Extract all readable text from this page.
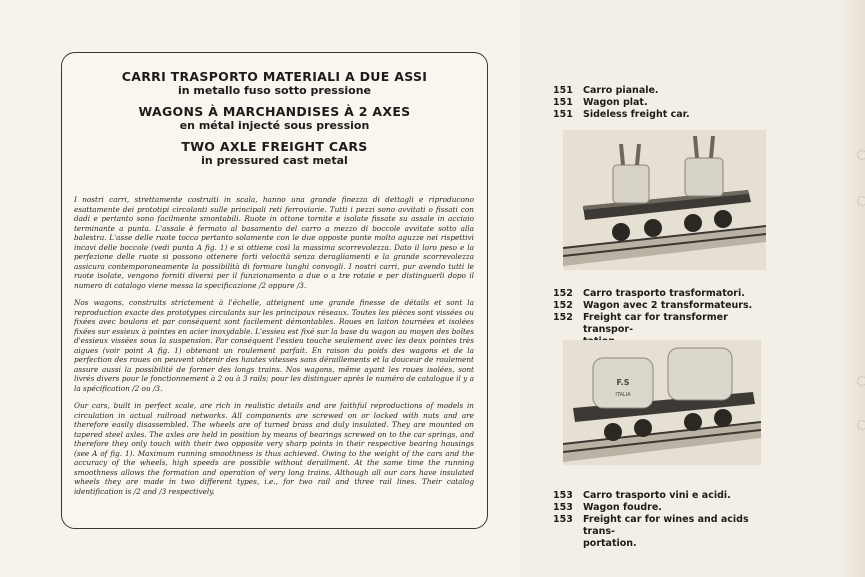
CARRI TRASPORTO MATERIALI A DUE ASSI

in metallo fuso sotto pressione

WAGONS À MARCHANDISES À 2 AXES

en métal injecté sous pression

TWO AXLE FREIGHT CARS

in pressured cast metal

I nostri carri, strettamente costruiti in scala, hanno una grande finezza di dettagli e riproducono esattamente dei prototipi circolanti sulle principali reti ferroviarie. Tutti i pezzi sono avvitati o fissati con dadi e pertanto sono facilmente smontabili. Ruote in ottone tornite e isolate fissate su assale in acciaio terminante a punta. L'assale è fermato al basamento del carro a mezzo di boccole avvitate sotto alla balestra. L'asse delle ruote tocca pertanto solamente con le due opposte punte molto aguzze nei rispettivi incavi delle boccole (vedi punta A fig. 1) e si ottiene così la massima scorrevolezza. Dato il loro peso e la perfezione delle ruote si possono ottenere forti velocità senza deragliamenti e la grande scorrevolezza assicura contemporaneamente la possibilità di formare lunghi convogli. I nostri carri, pur avendo tutti le ruote isolate, vengono forniti diversi per il funzionamento a due o a tre rotaie e per distinguerli dopo il numero di catalogo viene messa la specificazione /2 oppure /3.

Nos wagons, construits strictement à l'échelle, atteignent une grande finesse de détails et sont la reproduction exacte des prototypes circulants sur les principaux réseaux. Toutes les pièces sont vissées ou fixées avec boulons et par conséquent sont facilement démontables. Roues en laiton tournées et isolées fixées sur essieux à pointes en acier inoxydable. L'essieu est fixé sur la base du wagon au moyen des boîtes d'essieux vissées sous la suspension. Par conséquent l'essieu touche seulement avec les deux pointes très aigues (voir point A fig. 1) obtenant un roulement parfait. En raison du poids des wagons et de la perfection des roues on peuvent obtenir des hautes vitesses sans déraillements et la douceur de roulement assure aussi la possibilité de former des longs trains. Nos wagons, même ayant les roues isolées, sont livrés divers pour le fonctionnement à 2 ou à 3 rails; pour les distinguer après le numéro de catalogue il y a la spécification /2 ou /3.

Our cars, built in perfect scale, are rich in realistic details and are faithful reproductions of models in circulation in actual railroad networks. All components are screwed on or locked with nuts and are therefore easily disassembled. The wheels are of turned brass and duly insulated. They are mounted on tapered steel axles. The axles are held in position by means of bearings screwed on to the car springs, and therefore they only touch with their two opposite very sharp points in their respective bearing housings (see A of fig. 1). Maximum running smoothness is thus achieved. Owing to the weight of the cars and the accuracy of the wheels, high speeds are possible without derailment. At the same time the running smoothness allows the formation and operation of very long trains. Although all our cars have insulated wheels they are made in two different types, i.e., for two rail and three rail lines. Their catalog identification is /2 and /3 respectively.

151	Carro pianale.
151	Wagon plat.
151	Sideless freight car.
152	Carro trasporto trasformatori.
152	Wagon avec 2 transformateurs.
152	Freight car for transformer transpor-
F.S
ITALIA
153	Carro trasporto vini e acidi.
153	Wagon foudre.
153	Freight car for wines and acids trans-
portation.
